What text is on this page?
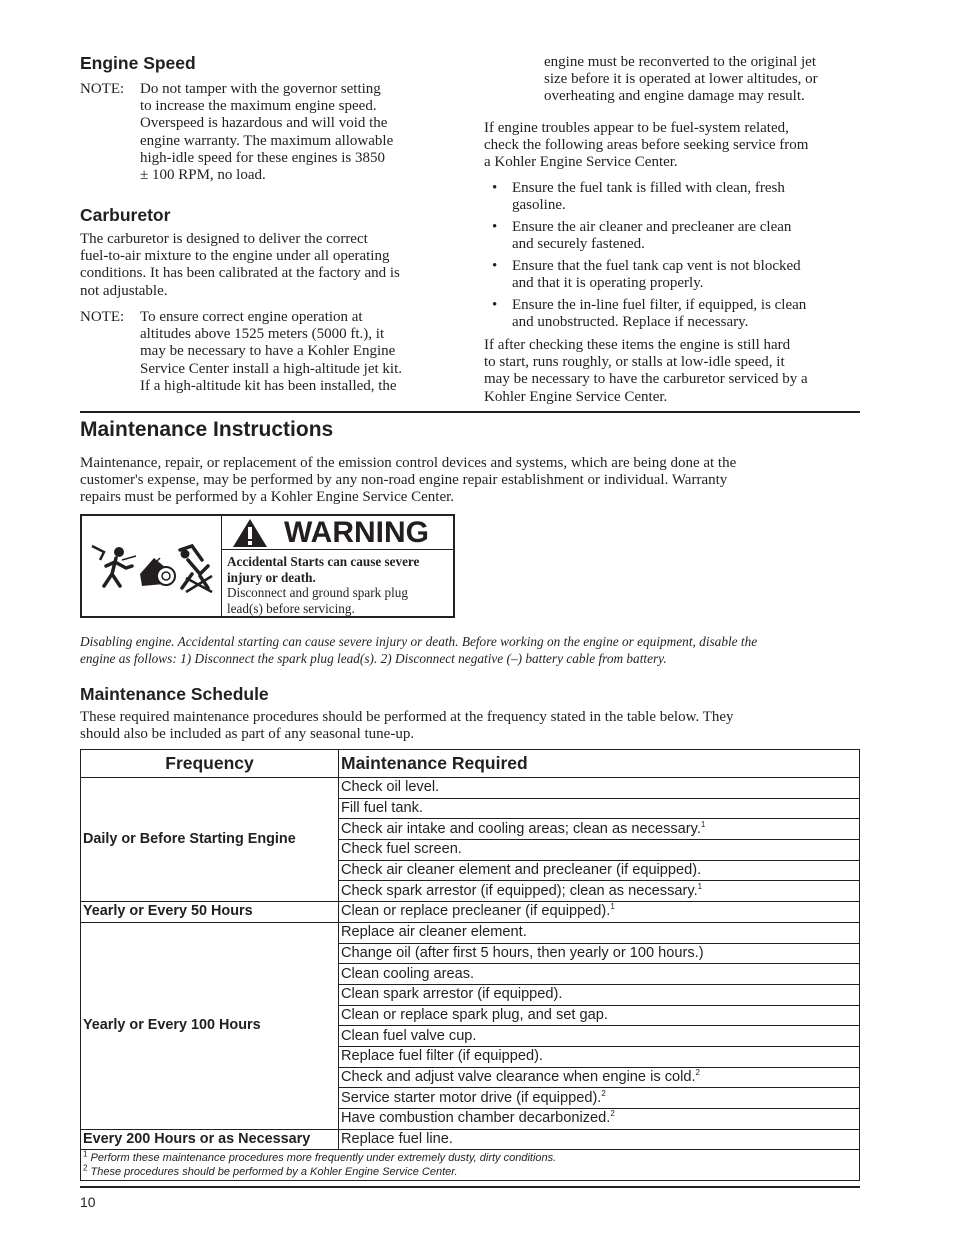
Engine Speed
NOTE: Do not tamper with the governor setting
to increase the maximum engine speed.
Overspeed is hazardous and will void the
engine warranty. The maximum allowable
high-idle speed for these engines is 3850
± 100 RPM, no load.
Carburetor
The carburetor is designed to deliver the correct
fuel-to-air mixture to the engine under all operating
conditions. It has been calibrated at the factory and is
not adjustable.
NOTE: To ensure correct engine operation at
altitudes above 1525 meters (5000 ft.), it
may be necessary to have a Kohler Engine
Service Center install a high-altitude jet kit.
If a high-altitude kit has been installed, the
engine must be reconverted to the original jet
size before it is operated at lower altitudes, or
overheating and engine damage may result.
If engine troubles appear to be fuel-system related,
check the following areas before seeking service from
a Kohler Engine Service Center.
• Ensure the fuel tank is filled with clean, fresh
gasoline.
• Ensure the air cleaner and precleaner are clean
and securely fastened.
• Ensure that the fuel tank cap vent is not blocked
and that it is operating properly.
• Ensure the in-line fuel filter, if equipped, is clean
and unobstructed. Replace if necessary.
If after checking these items the engine is still hard
to start, runs roughly, or stalls at low-idle speed, it
may be necessary to have the carburetor serviced by a
Kohler Engine Service Center.
Maintenance Instructions
Maintenance, repair, or replacement of the emission control devices and systems, which are being done at the
customer's expense, may be performed by any non-road engine repair establishment or individual. Warranty
repairs must be performed by a Kohler Engine Service Center.
WARNING
Accidental Starts can cause severe
injury or death.
Disconnect and ground spark plug
lead(s) before servicing.
Disabling engine. Accidental starting can cause severe injury or death. Before working on the engine or equipment, disable the
engine as follows: 1) Disconnect the spark plug lead(s). 2) Disconnect negative (–) battery cable from battery.
Maintenance Schedule
These required maintenance procedures should be performed at the frequency stated in the table below. They
should also be included as part of any seasonal tune-up.
Frequency	Maintenance Required
Daily or Before Starting Engine	Check oil level.
	Fill fuel tank.
	Check air intake and cooling areas; clean as necessary.$^1$
	Check fuel screen.
	Check air cleaner element and precleaner (if equipped).
	Check spark arrestor (if equipped); clean as necessary.$^1$
Yearly or Every 50 Hours	Clean or replace precleaner (if equipped).$^1$
Yearly or Every 100 Hours	Replace air cleaner element.
	Change oil (after first 5 hours, then yearly or 100 hours.)
	Clean cooling areas.
	Clean spark arrestor (if equipped).
	Clean or replace spark plug, and set gap.
	Clean fuel valve cup.
	Replace fuel filter (if equipped).
	Check and adjust valve clearance when engine is cold.$^2$
	Service starter motor drive (if equipped).$^2$
	Have combustion chamber decarbonized.$^2$
Every 200 Hours or as Necessary	Replace fuel line.

$^1$ Perform these maintenance procedures more frequently under extremely dusty, dirty conditions.
$^2$ These procedures should be performed by a Kohler Engine Service Center.	
10
